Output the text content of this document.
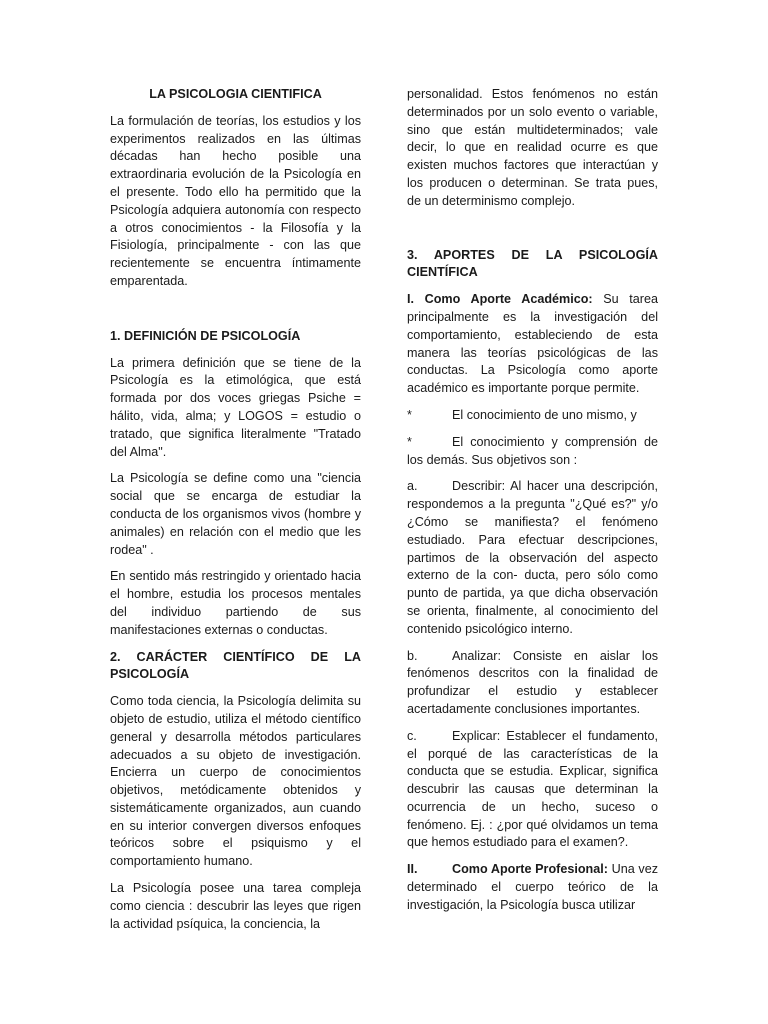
LA PSICOLOGIA CIENTIFICA
La formulación de teorías, los estudios y los experimentos realizados en las últimas décadas han hecho posible una extraordinaria evolución de la Psicología en el presente. Todo ello ha permitido que la Psicología adquiera autonomía con respecto a otros conocimientos - la Filosofía y la Fisiología, principalmente - con las que recientemente se encuentra íntimamente emparentada.
1. DEFINICIÓN DE PSICOLOGÍA
La primera definición que se tiene de la Psicología es la etimológica, que está formada por dos voces griegas Psiche = hálito, vida, alma; y LOGOS = estudio o tratado, que significa literalmente "Tratado del Alma".
La Psicología se define como una "ciencia social que se encarga de estudiar la conducta de los organismos vivos (hombre y animales) en relación con el medio que les rodea" .
En sentido más restringido y orientado hacia el hombre, estudia los procesos mentales del individuo partiendo de sus manifestaciones externas o conductas.
2. CARÁCTER CIENTÍFICO DE LA PSICOLOGÍA
Como toda ciencia, la Psicología delimita su objeto de estudio, utiliza el método científico general y desarrolla métodos particulares adecuados a su objeto de investigación. Encierra un cuerpo de conocimientos objetivos, metódicamente obtenidos y sistemáticamente organizados, aun cuando en su interior convergen diversos enfoques teóricos sobre el psiquismo y el comportamiento humano.
La Psicología posee una tarea compleja como ciencia : descubrir las leyes que rigen la actividad psíquica, la conciencia, la
personalidad. Estos fenómenos no están determinados por un solo evento o variable, sino que están multideterminados; vale decir, lo que en realidad ocurre es que existen muchos factores que interactúan y los producen o determinan. Se trata pues, de un determinismo complejo.
3. APORTES DE LA PSICOLOGÍA CIENTÍFICA
I. Como Aporte Académico: Su tarea principalmente es la investigación del comportamiento, estableciendo de esta manera las teorías psicológicas de las conductas. La Psicología como aporte académico es importante porque permite.
*	El conocimiento de uno mismo, y
*	El conocimiento y comprensión de los demás. Sus objetivos son :
a.	Describir: Al hacer una descripción, respondemos a la pregunta "¿Qué es?" y/o ¿Cómo se manifiesta? el fenómeno estudiado. Para efectuar descripciones, partimos de la observación del aspecto externo de la con- ducta, pero sólo como punto de partida, ya que dicha observación se orienta, finalmente, al conocimiento del contenido psicológico interno.
b.	Analizar: Consiste en aislar los fenómenos descritos con la finalidad de profundizar el estudio y establecer acertadamente conclusiones importantes.
c.	Explicar: Establecer el fundamento, el porqué de las características de la conducta que se estudia. Explicar, significa descubrir las causas que determinan la ocurrencia de un hecho, suceso o fenómeno. Ej. : ¿por qué olvidamos un tema que hemos estudiado para el examen?.
II.	Como Aporte Profesional: Una vez determinado el cuerpo teórico de la investigación, la Psicología busca utilizar
